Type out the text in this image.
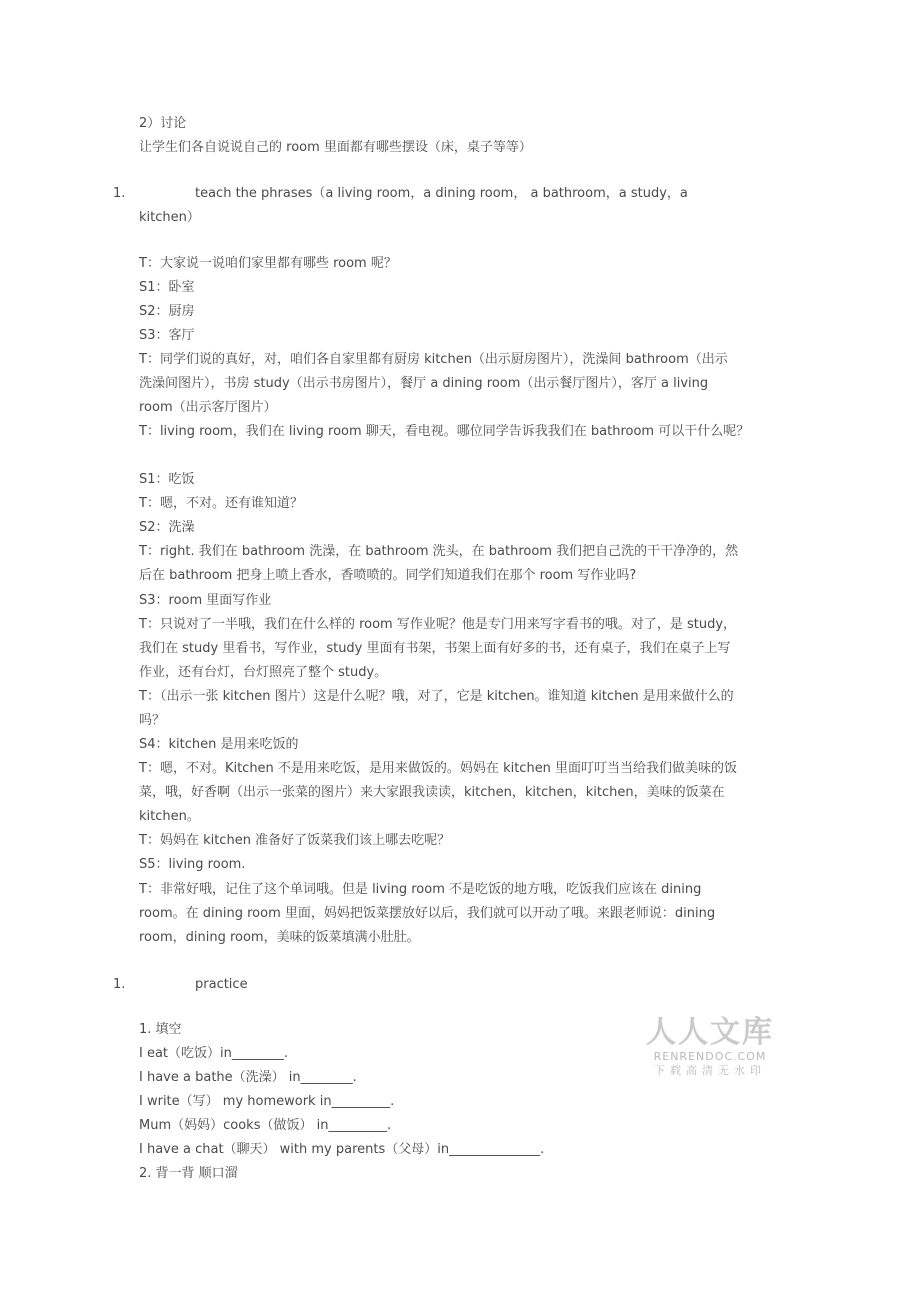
2）讨论
让学生们各自说说自己的 room 里面都有哪些摆设（床，桌子等等）
1.	teach the phrases（a living room，a dining room， a bathroom，a study，a
kitchen）
T：大家说一说咱们家里都有哪些 room 呢？
S1：卧室
S2：厨房
S3：客厅
T：同学们说的真好，对，咱们各自家里都有厨房 kitchen（出示厨房图片），洗澡间 bathroom（出示
洗澡间图片），书房 study（出示书房图片），餐厅 a dining room（出示餐厅图片），客厅 a living
room（出示客厅图片）
T：living room，我们在 living room 聊天，看电视。哪位同学告诉我我们在 bathroom 可以干什么呢？
S1：吃饭
T：嗯，不对。还有谁知道？
S2：洗澡
T：right. 我们在 bathroom 洗澡，在 bathroom 洗头，在 bathroom 我们把自己洗的干干净净的，然
后在 bathroom 把身上喷上香水，香喷喷的。同学们知道我们在那个 room 写作业吗?
S3：room 里面写作业
T：只说对了一半哦，我们在什么样的 room 写作业呢？他是专门用来写字看书的哦。对了，是 study，
我们在 study 里看书，写作业，study 里面有书架，书架上面有好多的书，还有桌子，我们在桌子上写
作业，还有台灯，台灯照亮了整个 study。
T：（出示一张 kitchen 图片）这是什么呢？哦，对了，它是 kitchen。谁知道 kitchen 是用来做什么的
吗？
S4：kitchen 是用来吃饭的
T：嗯，不对。Kitchen 不是用来吃饭，是用来做饭的。妈妈在 kitchen 里面叮叮当当给我们做美味的饭
菜，哦，好香啊（出示一张菜的图片）来大家跟我读读，kitchen，kitchen，kitchen，美味的饭菜在
kitchen。
T：妈妈在 kitchen 准备好了饭菜我们该上哪去吃呢？
S5：living room.
T：非常好哦，记住了这个单词哦。但是 living room 不是吃饭的地方哦，吃饭我们应该在 dining
room。在 dining room 里面，妈妈把饭菜摆放好以后，我们就可以开动了哦。来跟老师说：dining
room，dining room，美味的饭菜填满小肚肚。
1.	practice
1. 填空
I eat（吃饭）in________.
I have a bathe（洗澡） in________.
I write（写） my homework in_________.
Mum（妈妈）cooks（做饭） in_________.
I have a chat（聊天） with my parents（父母）in______________.
2. 背一背 顺口溜
人人文库
RENRENDOC.COM
下载高清无水印
